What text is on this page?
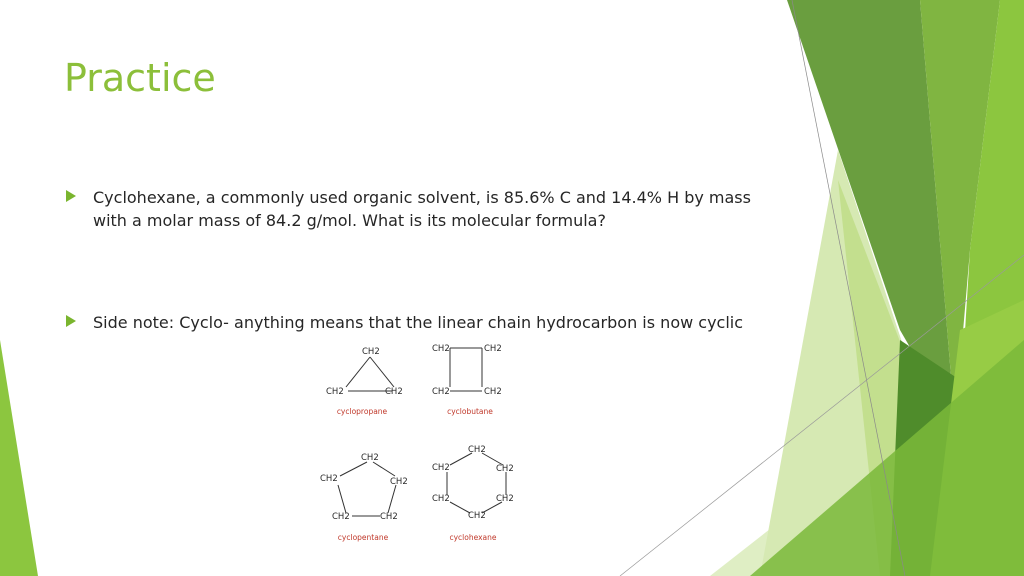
Practice
Cyclohexane, a commonly used organic solvent, is 85.6% C and 14.4% H by mass with a molar mass of 84.2 g/mol. What is its molecular formula?
Side note: Cyclo- anything means that the linear chain hydrocarbon is now cyclic
CH2
CH2	CH2
CH2	CH2
CH2	CH2
CH2
CH2	CH2
CH2	CH2
CH2
CH2	CH2
CH2	CH2
CH2
cyclopropane	cyclobutane
cyclopentane	cyclohexane
